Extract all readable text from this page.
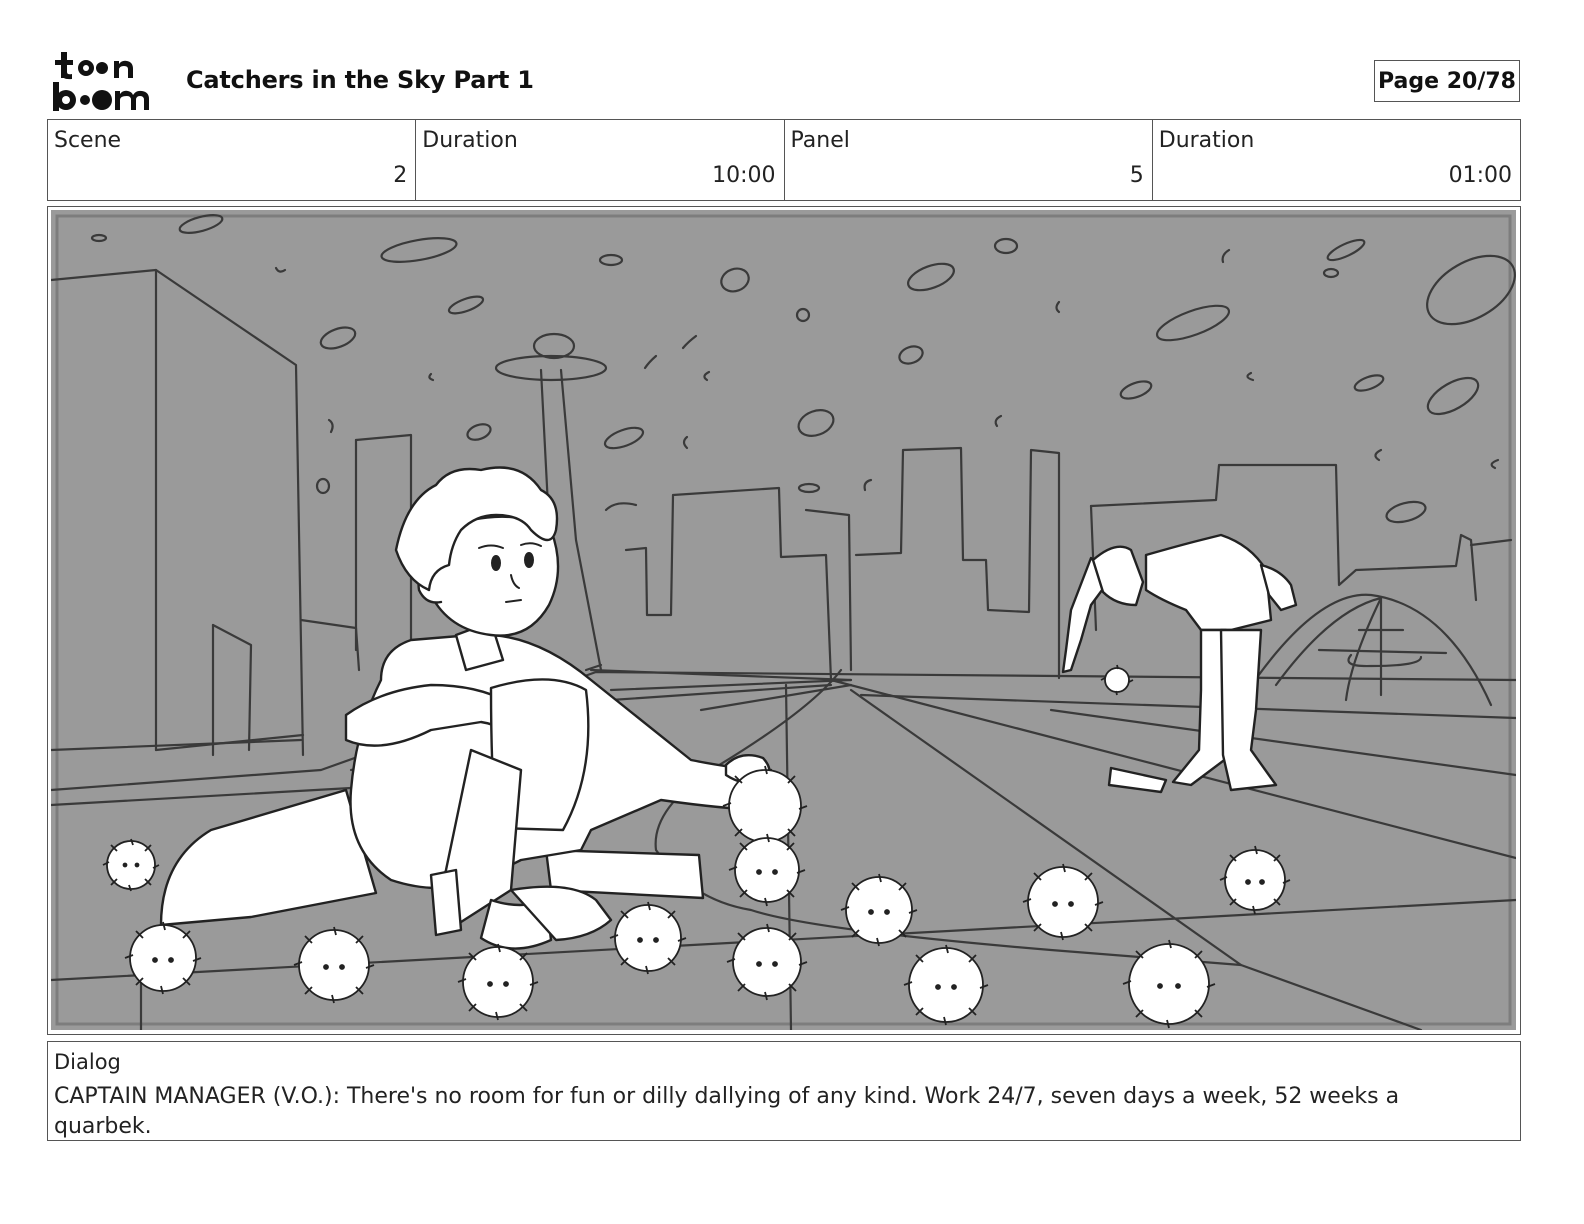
Catchers in the Sky Part 1	Page 20/78
Scene
2
Duration
10:00
Panel
5
Duration
01:00
Dialog
CAPTAIN MANAGER (V.O.): There's no room for fun or dilly dallying of any kind. Work 24/7, seven days a week, 52 weeks a quarbek.
